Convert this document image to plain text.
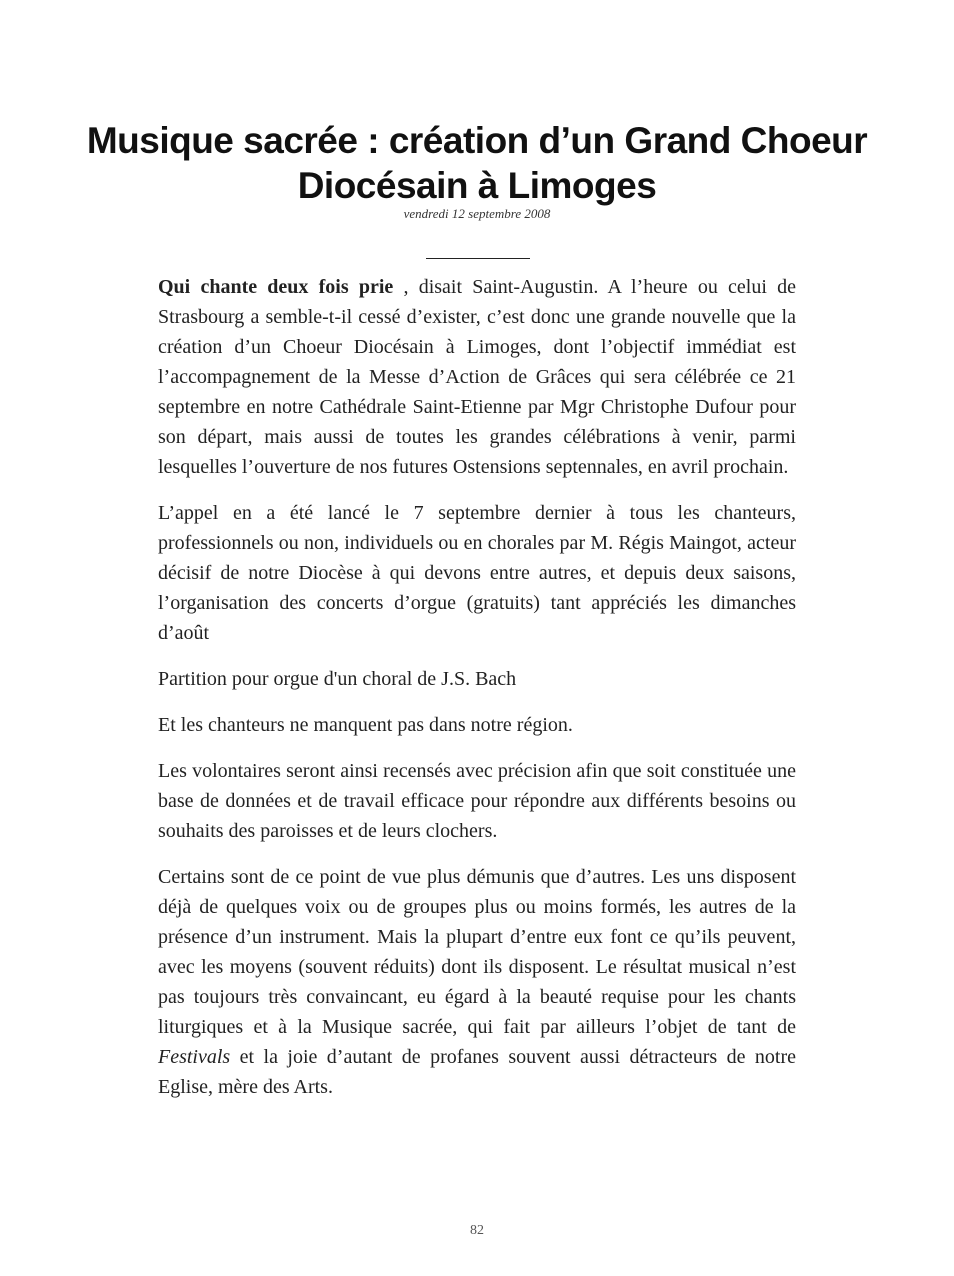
Musique sacrée : création d’un Grand Choeur Diocésain à Limoges
vendredi 12 septembre 2008

Qui chante deux fois prie , disait Saint-Augustin. A l’heure ou celui de Strasbourg a semble-t-il cessé d’exister, c’est donc une grande nouvelle que la création d’un Choeur Diocésain à Limoges, dont l’objectif immédiat est l’accompagnement de la Messe d’Action de Grâces qui sera célébrée ce 21 septembre en notre Cathédrale Saint-Etienne par Mgr Christophe Dufour pour son départ, mais aussi de toutes les grandes célébrations à venir, parmi lesquelles l’ouverture de nos futures Ostensions septennales, en avril prochain.

L’appel en a été lancé le 7 septembre dernier à tous les chanteurs, professionnels ou non, individuels ou en chorales par M. Régis Maingot, acteur décisif de notre Diocèse à qui devons entre autres, et depuis deux saisons, l’organisation des concerts d’orgue (gratuits) tant appréciés les dimanches d’août

Partition pour orgue d'un choral de J.S. Bach

Et les chanteurs ne manquent pas dans notre région.

Les volontaires seront ainsi recensés avec précision afin que soit constituée une base de données et de travail efficace pour répondre aux différents besoins ou souhaits des paroisses et de leurs clochers.

Certains sont de ce point de vue plus démunis que d’autres. Les uns disposent déjà de quelques voix ou de groupes plus ou moins formés, les autres de la présence d’un instrument. Mais la plupart d’entre eux font ce qu’ils peuvent, avec les moyens (souvent réduits) dont ils disposent. Le résultat musical n’est pas toujours très convaincant, eu égard à la beauté requise pour les chants liturgiques et à la Musique sacrée, qui fait par ailleurs l’objet de tant de Festivals et la joie d’autant de profanes souvent aussi détracteurs de notre Eglise, mère des Arts.

82
